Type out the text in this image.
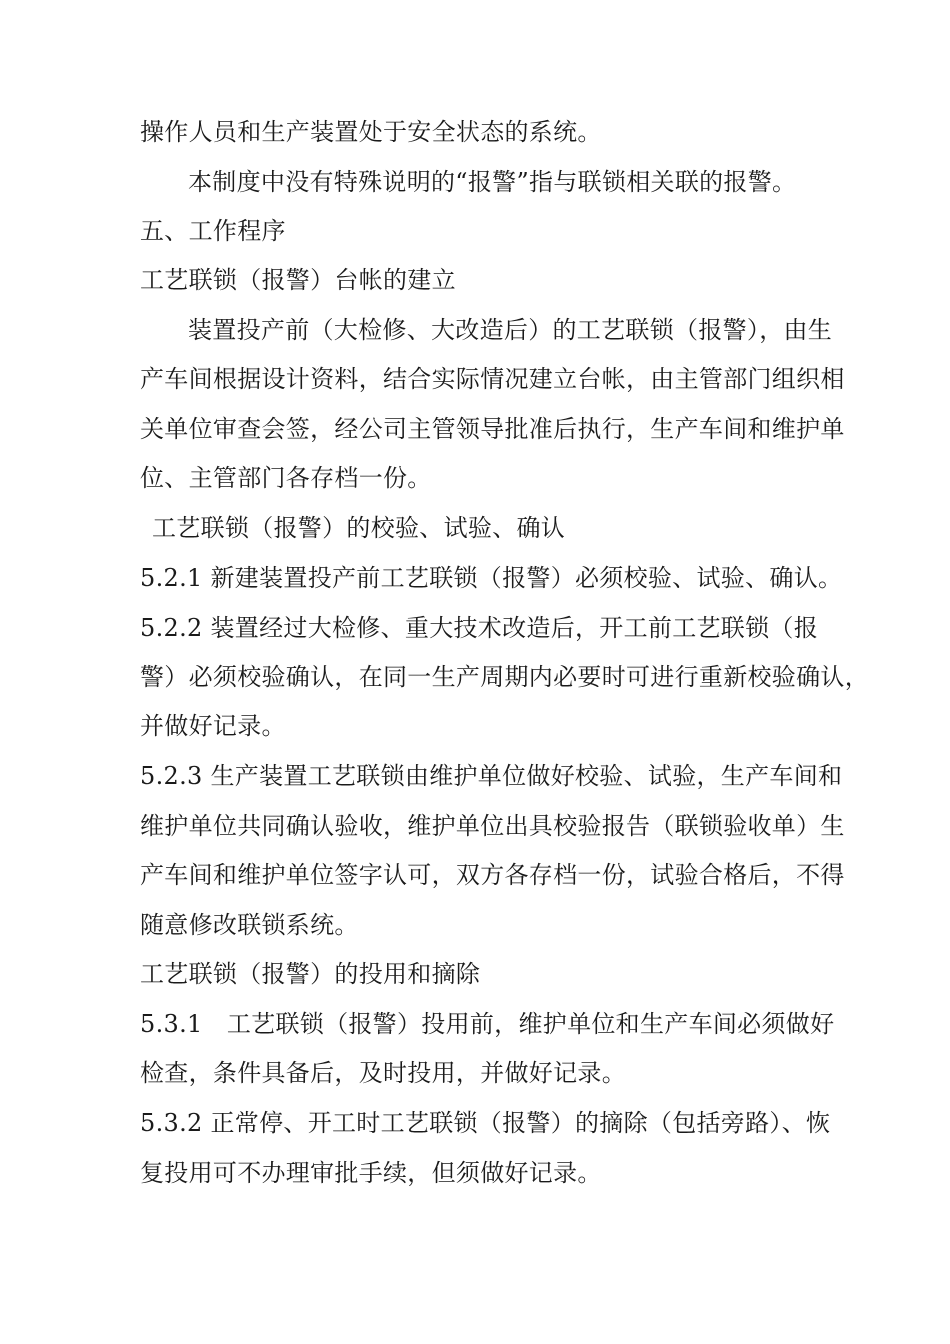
操作人员和生产装置处于安全状态的系统。
本制度中没有特殊说明的“报警”指与联锁相关联的报警。
五、工作程序
工艺联锁（报警）台帐的建立
装置投产前（大检修、大改造后）的工艺联锁（报警），由生
产车间根据设计资料，结合实际情况建立台帐，由主管部门组织相
关单位审查会签，经公司主管领导批准后执行，生产车间和维护单
位、主管部门各存档一份。
工艺联锁（报警）的校验、试验、确认
5.2.1 新建装置投产前工艺联锁（报警）必须校验、试验、确认。
5.2.2 装置经过大检修、重大技术改造后，开工前工艺联锁（报
警）必须校验确认，在同一生产周期内必要时可进行重新校验确认，
并做好记录。
5.2.3 生产装置工艺联锁由维护单位做好校验、试验，生产车间和
维护单位共同确认验收，维护单位出具校验报告（联锁验收单）生
产车间和维护单位签字认可，双方各存档一份，试验合格后，不得
随意修改联锁系统。
工艺联锁（报警）的投用和摘除
5.3.1　工艺联锁（报警）投用前，维护单位和生产车间必须做好
检查，条件具备后，及时投用，并做好记录。
5.3.2 正常停、开工时工艺联锁（报警）的摘除（包括旁路）、恢
复投用可不办理审批手续，但须做好记录。
